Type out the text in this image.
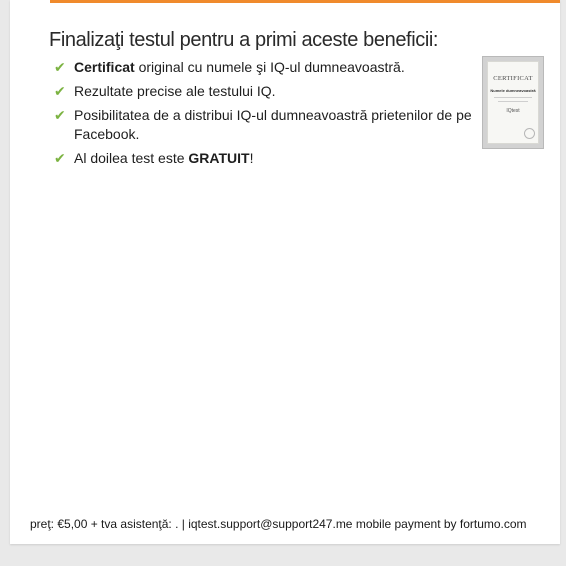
Finalizaţi testul pentru a primi aceste beneficii:
✔ Certificat original cu numele şi IQ-ul dumneavoastră.
✔ Rezultate precise ale testului IQ.
✔ Posibilitatea de a distribui IQ-ul dumneavoastră prietenilor de pe Facebook.
✔ Al doilea test este GRATUIT!
CERTIFICAT
Numele dumneavoastră
IQtest
preţ: €5,00 + tva asistenţă: . | iqtest.support@support247.me mobile payment by fortumo.com
